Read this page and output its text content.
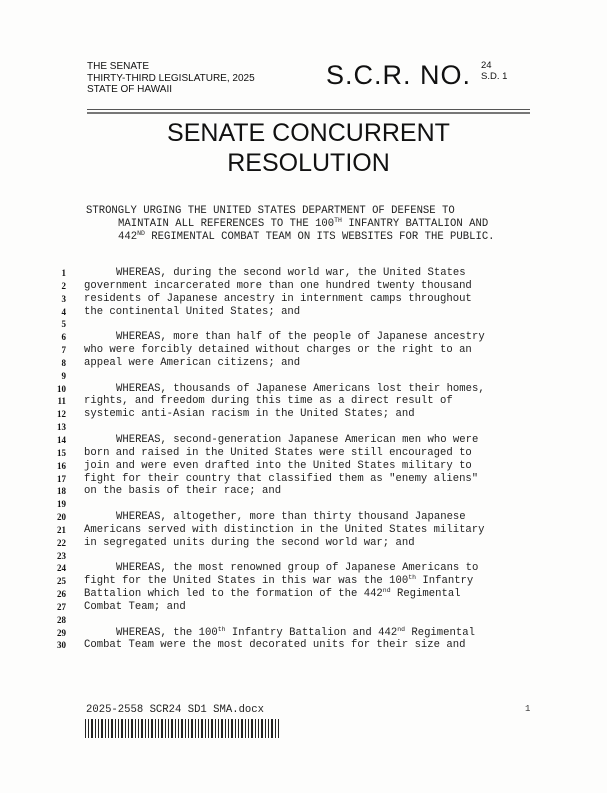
THE SENATE
THIRTY-THIRD LEGISLATURE, 2025
STATE OF HAWAII	S.C.R. NO. 24
S.D. 1
SENATE CONCURRENT
RESOLUTION
STRONGLY URGING THE UNITED STATES DEPARTMENT OF DEFENSE TO
MAINTAIN ALL REFERENCES TO THE 100TH INFANTRY BATTALION AND
442ND REGIMENTAL COMBAT TEAM ON ITS WEBSITES FOR THE PUBLIC.
1	WHEREAS, during the second world war, the United States
2 government incarcerated more than one hundred twenty thousand
3 residents of Japanese ancestry in internment camps throughout
4 the continental United States; and
5
6	WHEREAS, more than half of the people of Japanese ancestry
7 who were forcibly detained without charges or the right to an
8 appeal were American citizens; and
9
10	WHEREAS, thousands of Japanese Americans lost their homes,
11 rights, and freedom during this time as a direct result of
12 systemic anti-Asian racism in the United States; and
13
14	WHEREAS, second-generation Japanese American men who were
15 born and raised in the United States were still encouraged to
16 join and were even drafted into the United States military to
17 fight for their country that classified them as "enemy aliens"
18 on the basis of their race; and
19
20	WHEREAS, altogether, more than thirty thousand Japanese
21 Americans served with distinction in the United States military
22 in segregated units during the second world war; and
23
24	WHEREAS, the most renowned group of Japanese Americans to
25 fight for the United States in this war was the 100th Infantry
26 Battalion which led to the formation of the 442nd Regimental
27 Combat Team; and
28
29	WHEREAS, the 100th Infantry Battalion and 442nd Regimental
30 Combat Team were the most decorated units for their size and
2025-2558 SCR24 SD1 SMA.docx	1
